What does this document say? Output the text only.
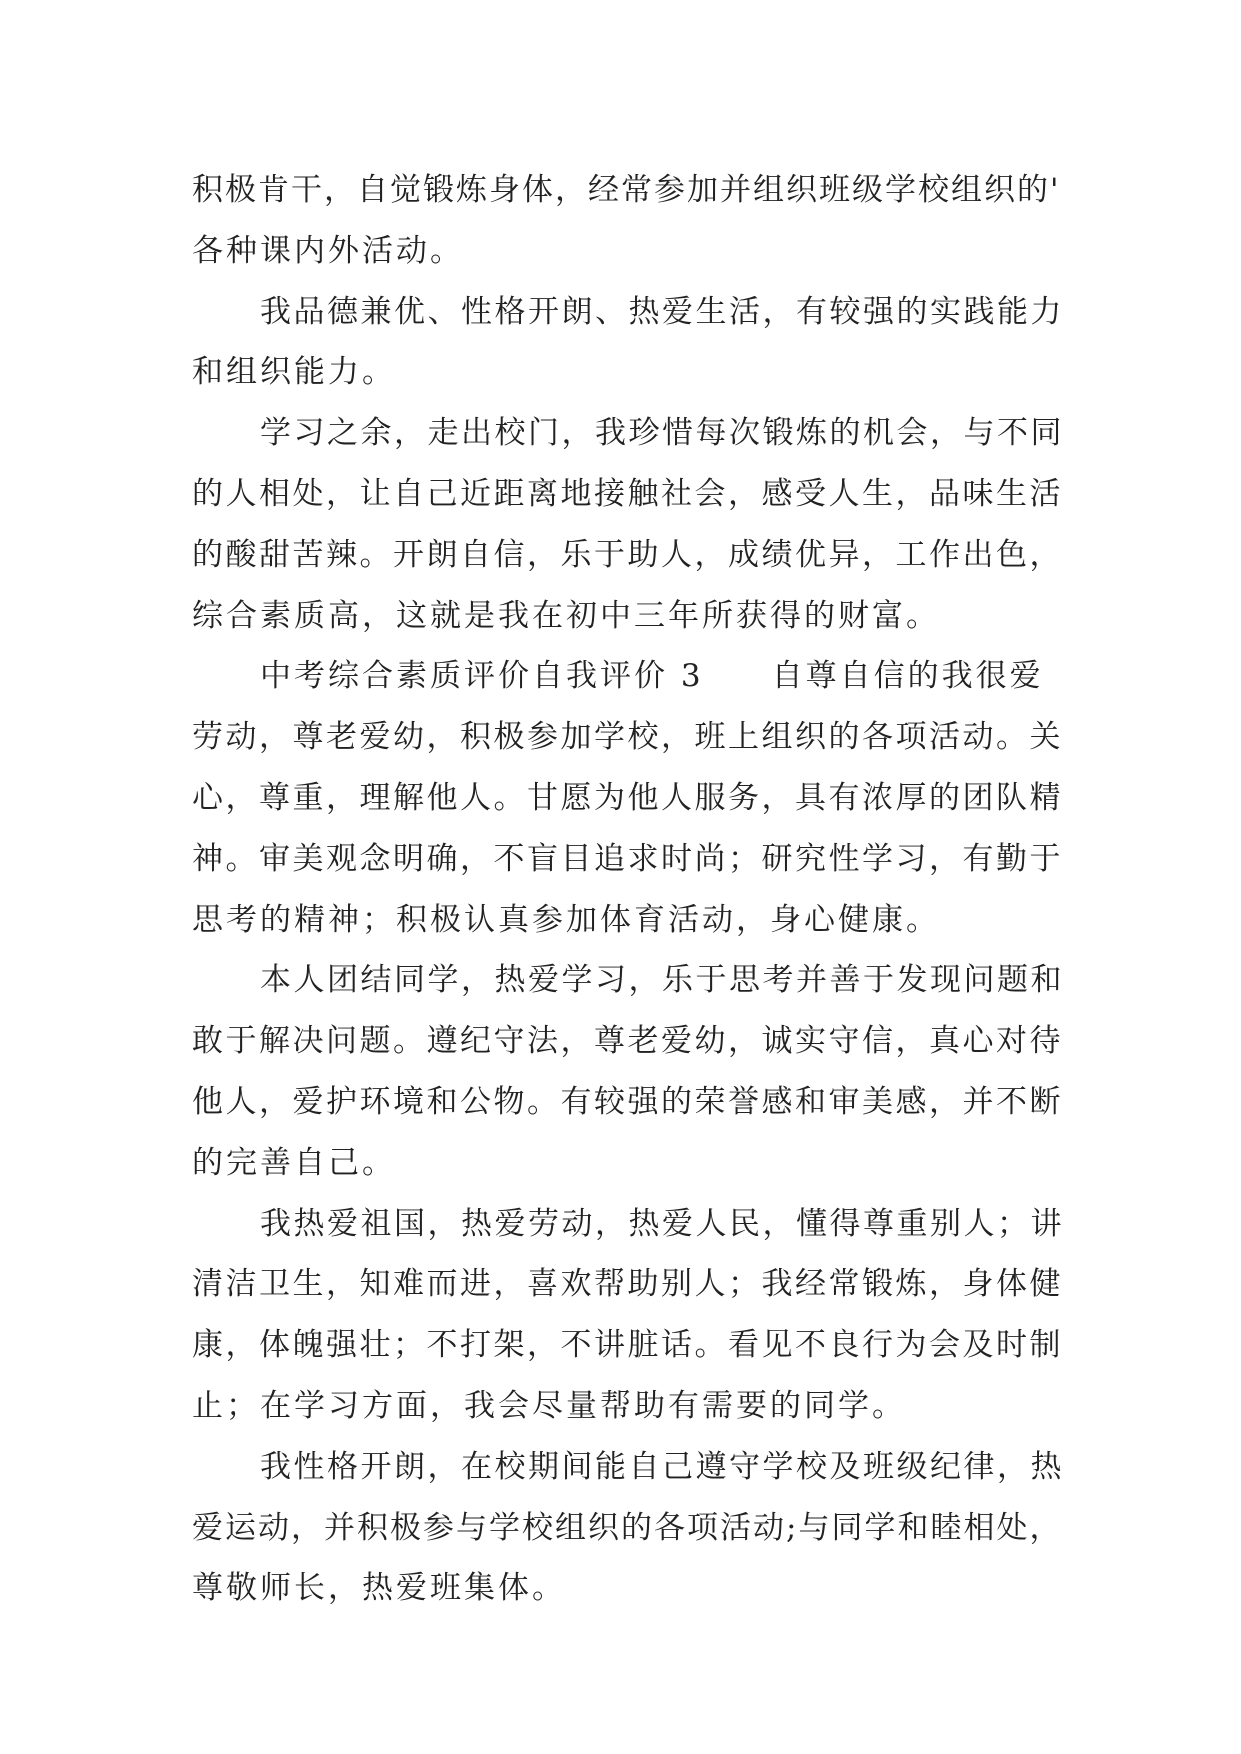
积极肯干，自觉锻炼身体，经常参加并组织班级学校组织的'
各种课内外活动。
我品德兼优、性格开朗、热爱生活，有较强的实践能力
和组织能力。
学习之余，走出校门，我珍惜每次锻炼的机会，与不同
的人相处，让自己近距离地接触社会，感受人生，品味生活
的酸甜苦辣。开朗自信，乐于助人，成绩优异，工作出色，
综合素质高，这就是我在初中三年所获得的财富。
中考综合素质评价自我评价 3　　自尊自信的我很爱
劳动，尊老爱幼，积极参加学校，班上组织的各项活动。关
心，尊重，理解他人。甘愿为他人服务，具有浓厚的团队精
神。审美观念明确，不盲目追求时尚；研究性学习，有勤于
思考的精神；积极认真参加体育活动，身心健康。
本人团结同学，热爱学习，乐于思考并善于发现问题和
敢于解决问题。遵纪守法，尊老爱幼，诚实守信，真心对待
他人，爱护环境和公物。有较强的荣誉感和审美感，并不断
的完善自己。
我热爱祖国，热爱劳动，热爱人民，懂得尊重别人；讲
清洁卫生，知难而进，喜欢帮助别人；我经常锻炼，身体健
康，体魄强壮；不打架，不讲脏话。看见不良行为会及时制
止；在学习方面，我会尽量帮助有需要的同学。
我性格开朗，在校期间能自己遵守学校及班级纪律，热
爱运动，并积极参与学校组织的各项活动;与同学和睦相处，
尊敬师长，热爱班集体。
